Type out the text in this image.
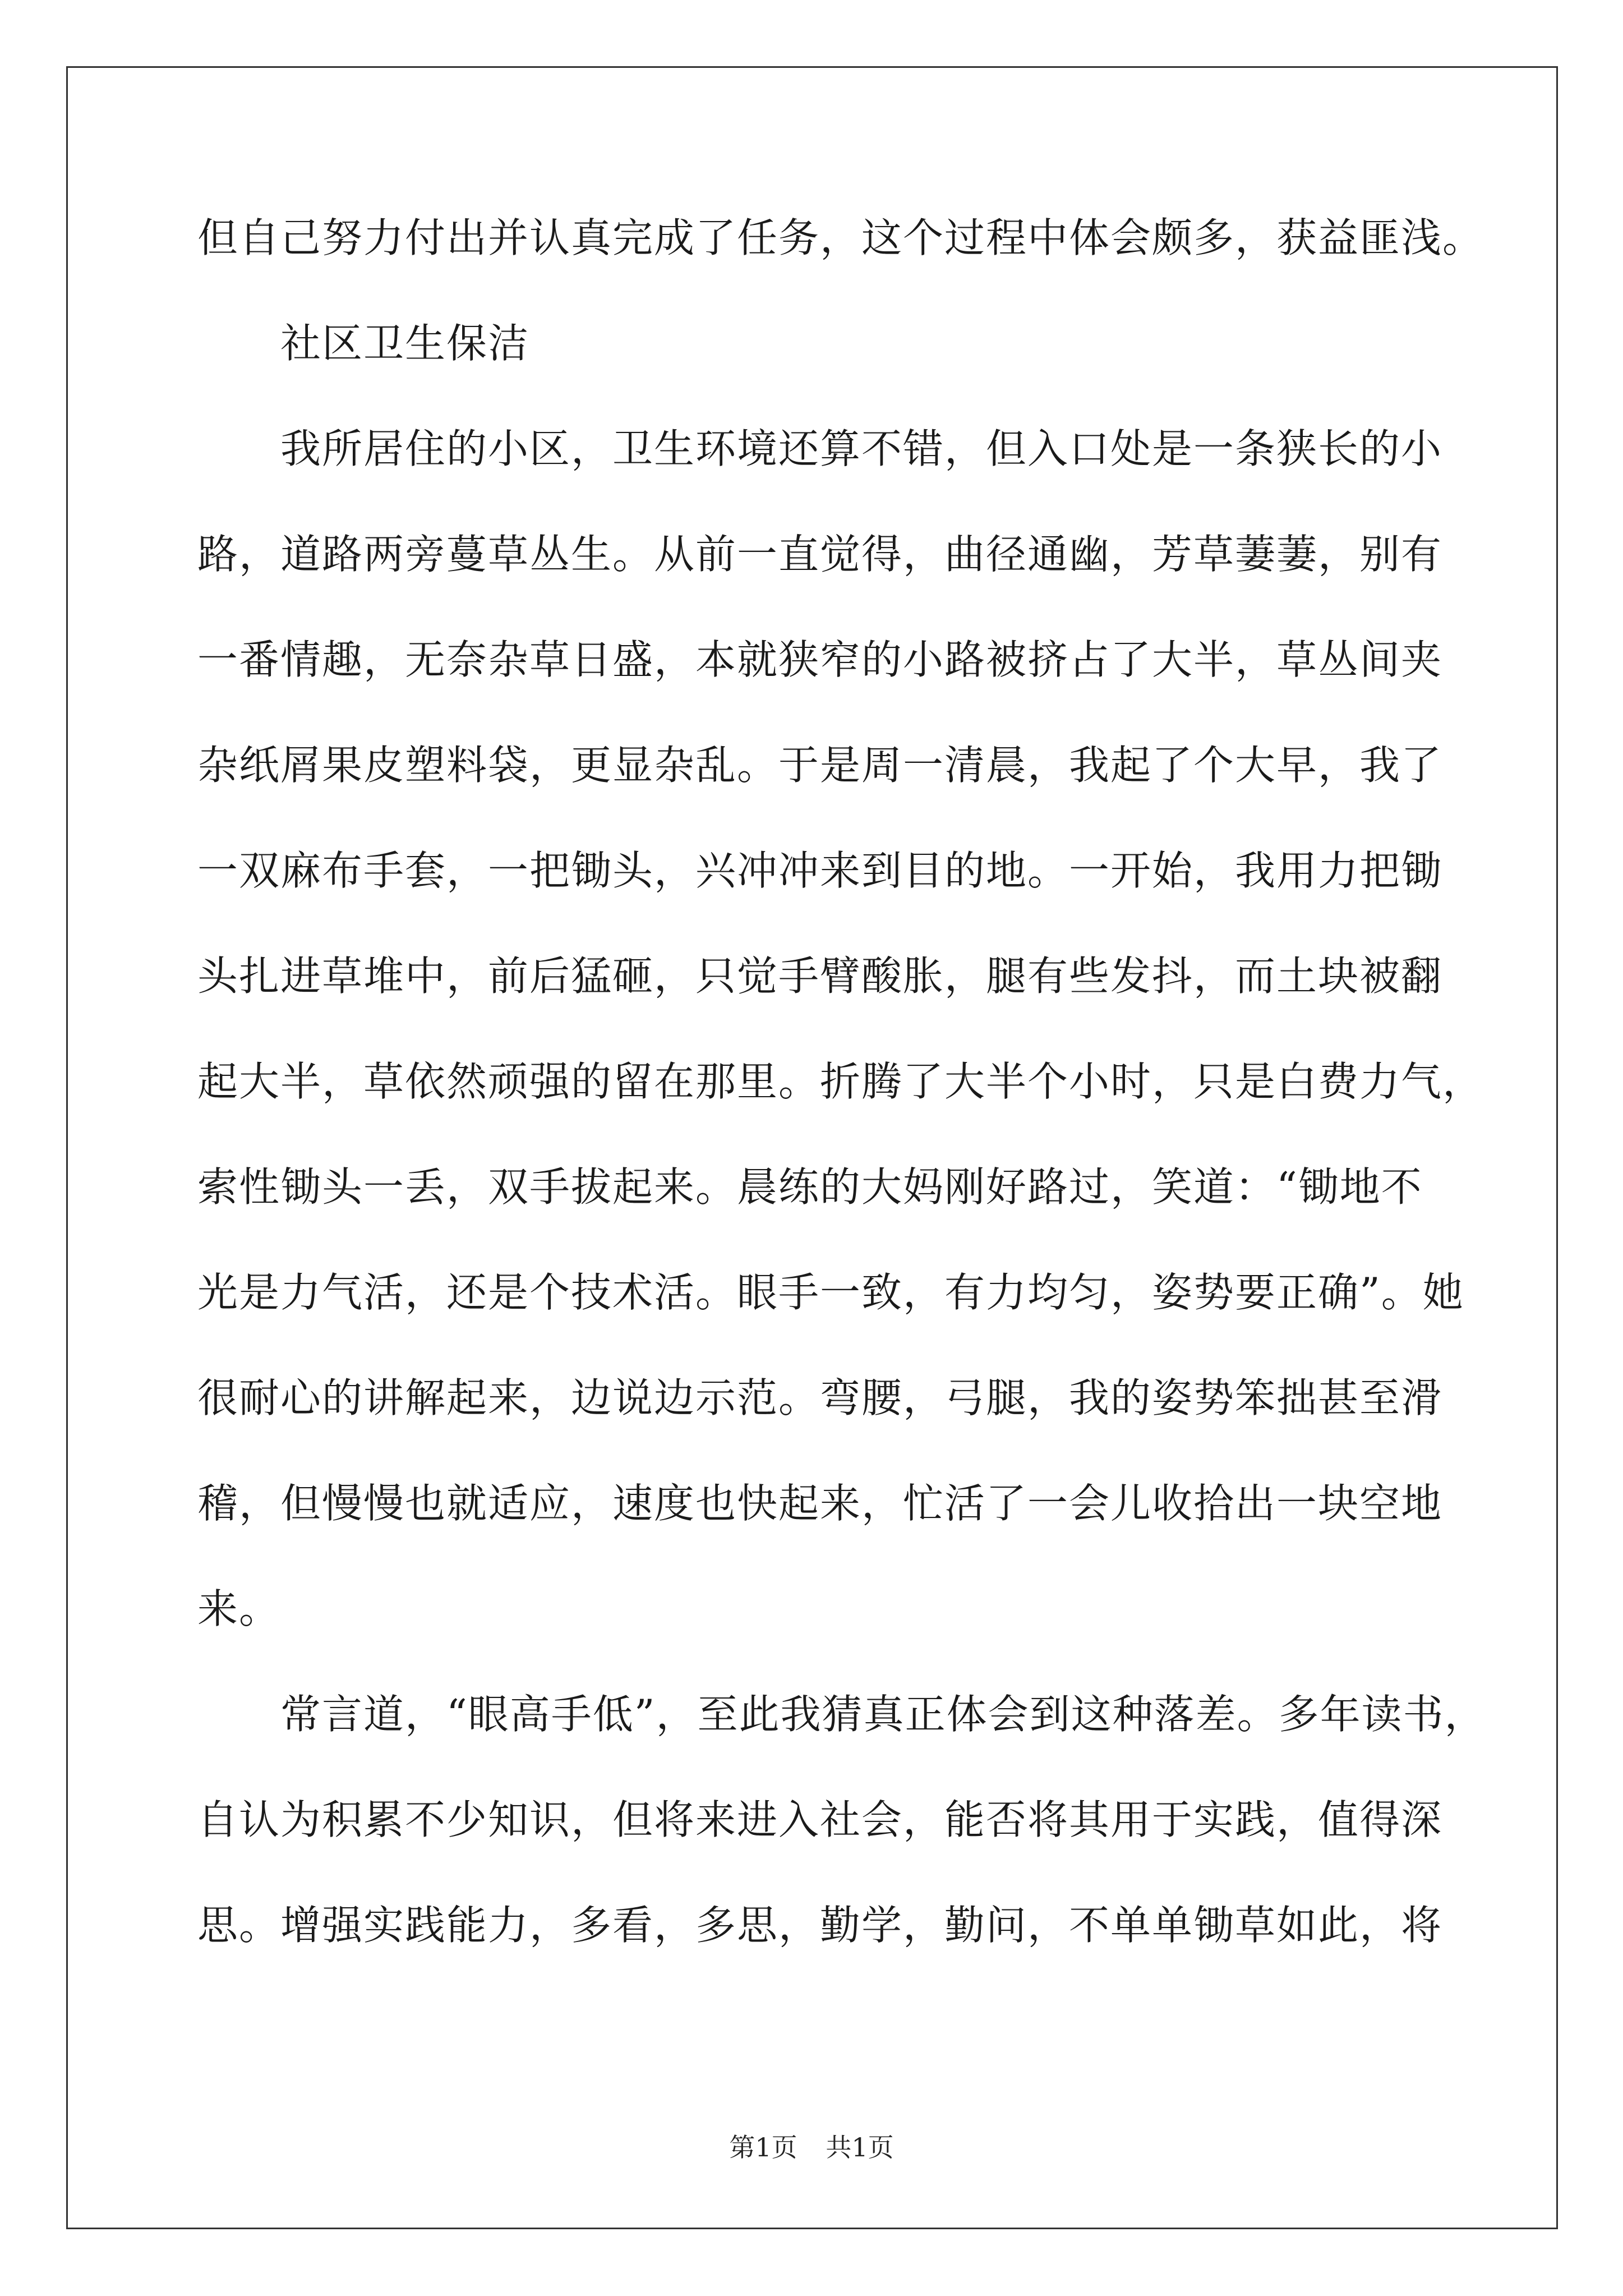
但自己努力付出并认真完成了任务，这个过程中体会颇多，获益匪浅。
　　社区卫生保洁
　　我所居住的小区，卫生环境还算不错，但入口处是一条狭长的小
路，道路两旁蔓草丛生。从前一直觉得，曲径通幽，芳草萋萋，别有
一番情趣，无奈杂草日盛，本就狭窄的小路被挤占了大半，草丛间夹
杂纸屑果皮塑料袋，更显杂乱。于是周一清晨，我起了个大早，我了
一双麻布手套，一把锄头，兴冲冲来到目的地。一开始，我用力把锄
头扎进草堆中，前后猛砸，只觉手臂酸胀，腿有些发抖，而土块被翻
起大半，草依然顽强的留在那里。折腾了大半个小时，只是白费力气，
索性锄头一丢，双手拔起来。晨练的大妈刚好路过，笑道：“锄地不
光是力气活，还是个技术活。眼手一致，有力均匀，姿势要正确”。她
很耐心的讲解起来，边说边示范。弯腰，弓腿，我的姿势笨拙甚至滑
稽，但慢慢也就适应，速度也快起来，忙活了一会儿收拾出一块空地
来。
　　常言道，“眼高手低”，至此我猜真正体会到这种落差。多年读书，
自认为积累不少知识，但将来进入社会，能否将其用于实践，值得深
思。增强实践能力，多看，多思，勤学，勤问，不单单锄草如此，将
第1页 共1页
